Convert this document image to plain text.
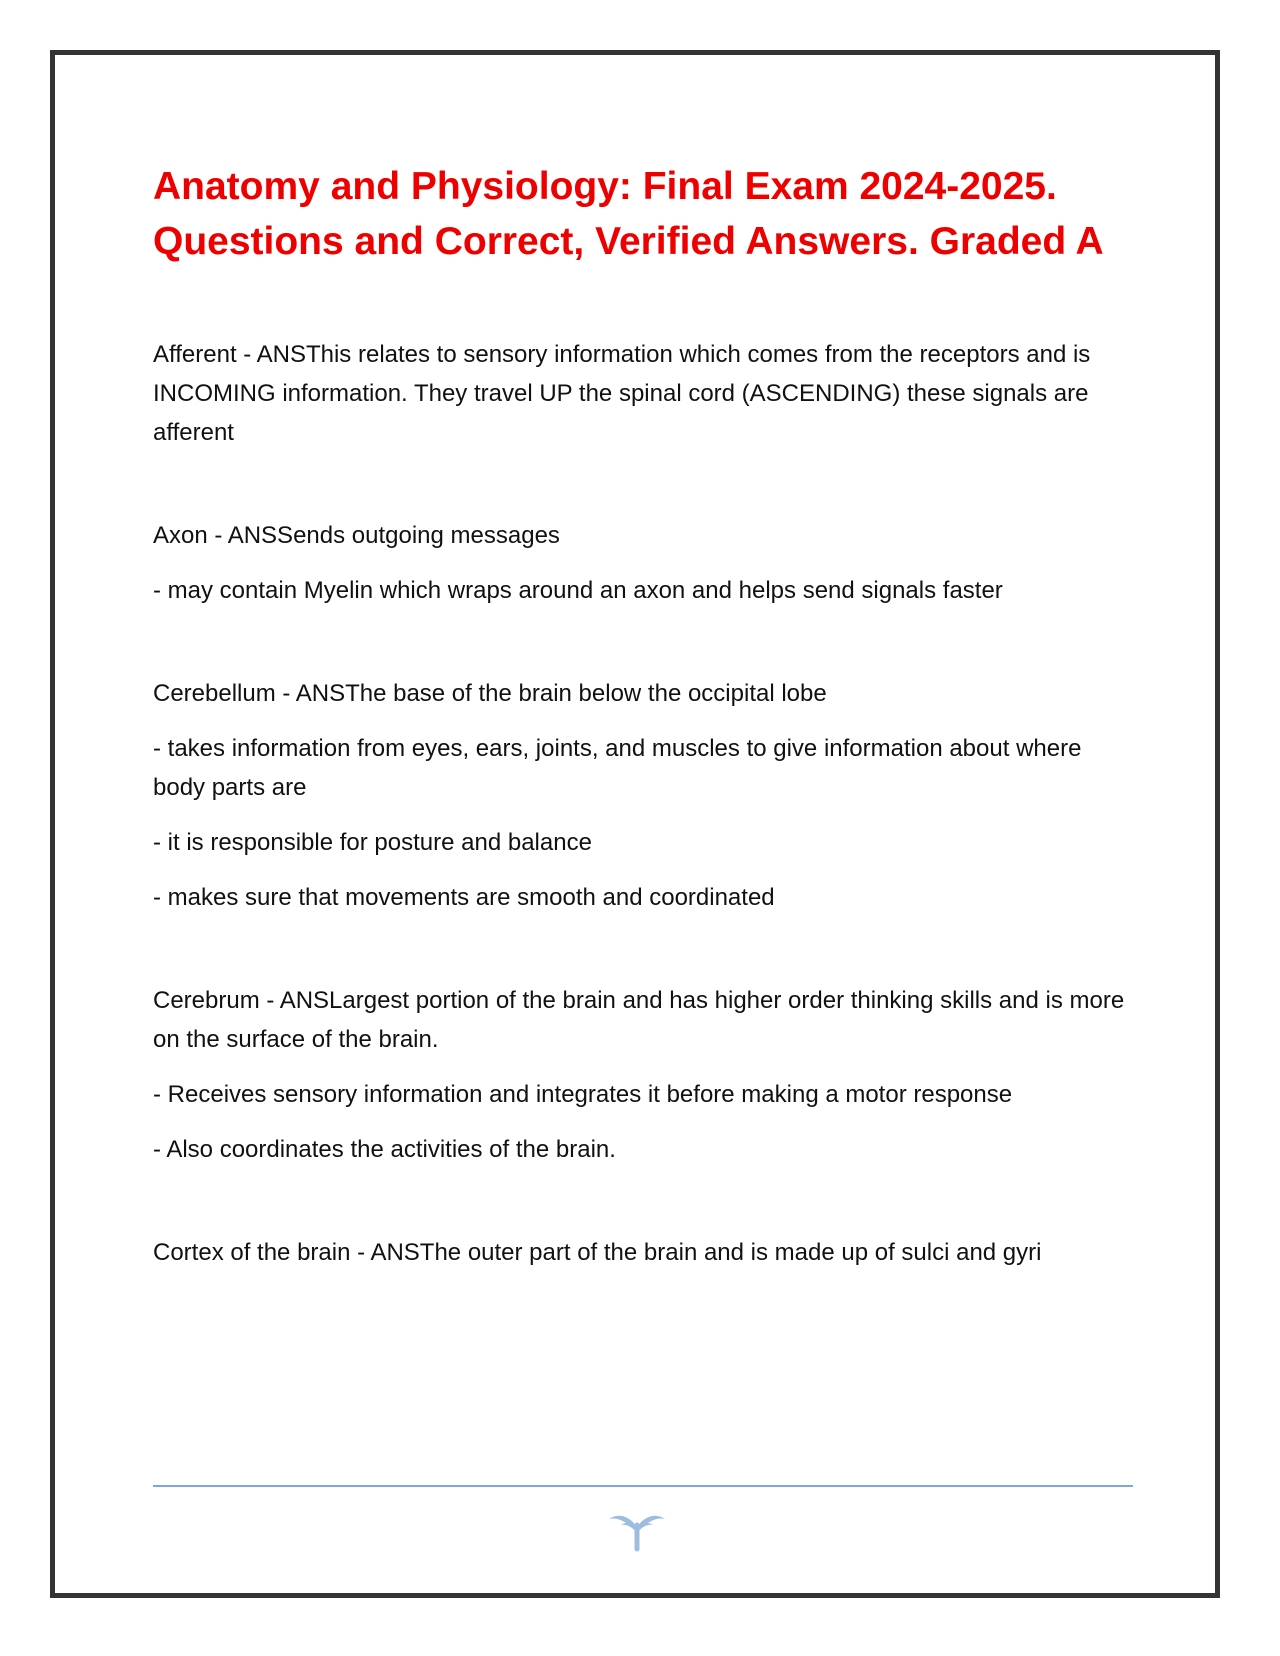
Anatomy and Physiology: Final Exam 2024-2025.
Questions and Correct, Verified Answers. Graded A

Afferent - ANSThis relates to sensory information which comes from the receptors and is INCOMING information. They travel UP the spinal cord (ASCENDING) these signals are afferent

Axon - ANSSends outgoing messages

- may contain Myelin which wraps around an axon and helps send signals faster

Cerebellum - ANSThe base of the brain below the occipital lobe

- takes information from eyes, ears, joints, and muscles to give information about where body parts are

- it is responsible for posture and balance

- makes sure that movements are smooth and coordinated

Cerebrum - ANSLargest portion of the brain and has higher order thinking skills and is more on the surface of the brain.

- Receives sensory information and integrates it before making a motor response

- Also coordinates the activities of the brain.

Cortex of the brain - ANSThe outer part of the brain and is made up of sulci and gyri
